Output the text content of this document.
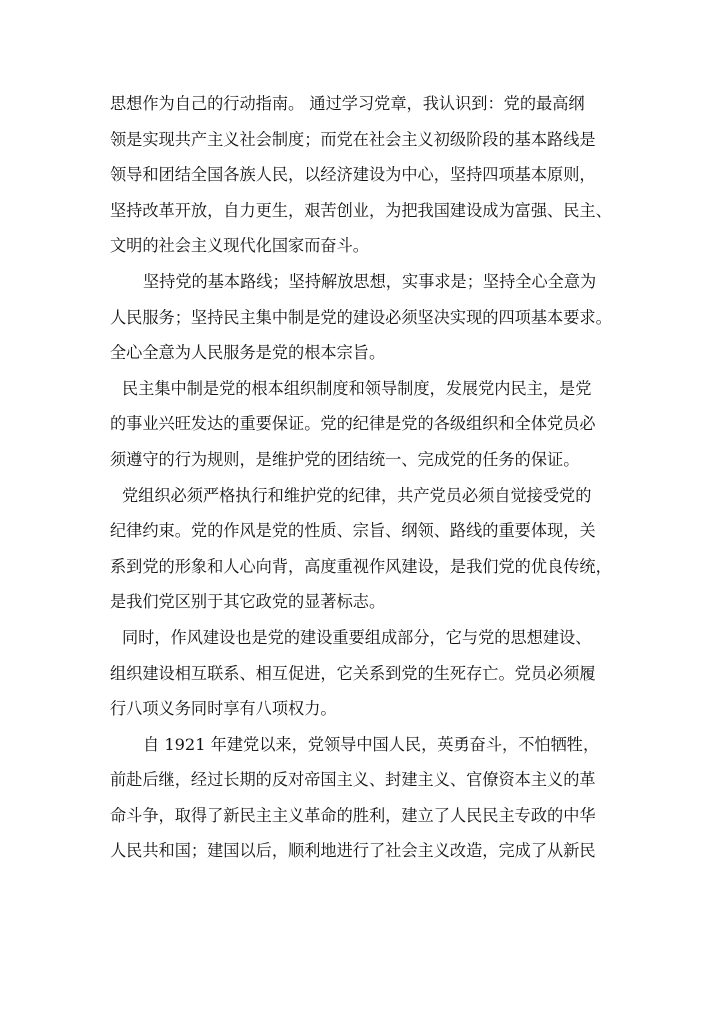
思想作为自己的行动指南。 通过学习党章，我认识到：党的最高纲
领是实现共产主义社会制度；而党在社会主义初级阶段的基本路线是
领导和团结全国各族人民，以经济建设为中心，坚持四项基本原则，
坚持改革开放，自力更生，艰苦创业，为把我国建设成为富强、民主、
文明的社会主义现代化国家而奋斗。
坚持党的基本路线；坚持解放思想，实事求是；坚持全心全意为
人民服务；坚持民主集中制是党的建设必须坚决实现的四项基本要求。
全心全意为人民服务是党的根本宗旨。
民主集中制是党的根本组织制度和领导制度，发展党内民主，是党
的事业兴旺发达的重要保证。党的纪律是党的各级组织和全体党员必
须遵守的行为规则，是维护党的团结统一、完成党的任务的保证。
党组织必须严格执行和维护党的纪律，共产党员必须自觉接受党的
纪律约束。党的作风是党的性质、宗旨、纲领、路线的重要体现，关
系到党的形象和人心向背，高度重视作风建设，是我们党的优良传统，
是我们党区别于其它政党的显著标志。
同时，作风建设也是党的建设重要组成部分，它与党的思想建设、
组织建设相互联系、相互促进，它关系到党的生死存亡。党员必须履
行八项义务同时享有八项权力。
自 1921 年建党以来，党领导中国人民，英勇奋斗，不怕牺牲，
前赴后继，经过长期的反对帝国主义、封建主义、官僚资本主义的革
命斗争，取得了新民主主义革命的胜利，建立了人民民主专政的中华
人民共和国；建国以后，顺利地进行了社会主义改造，完成了从新民
